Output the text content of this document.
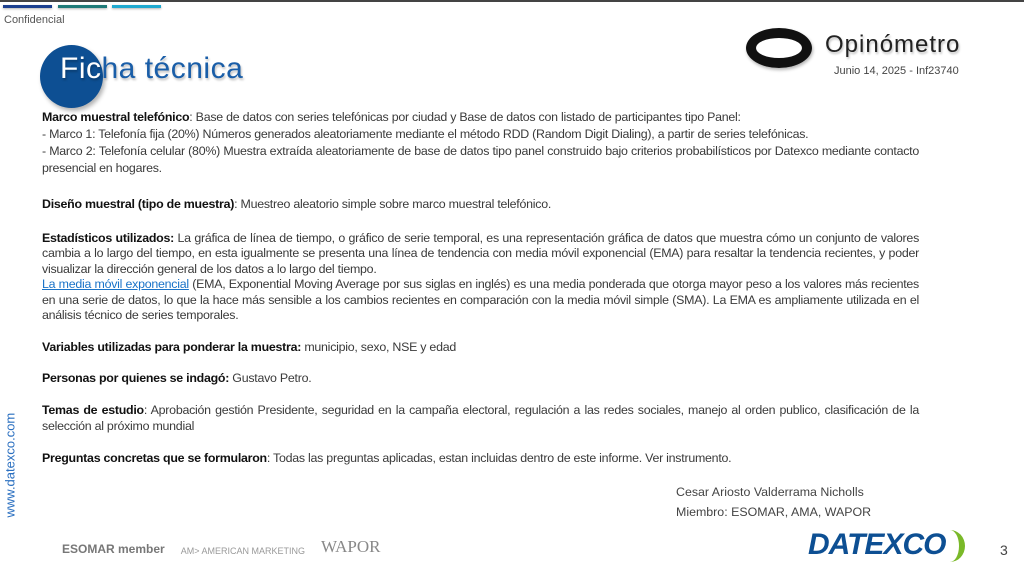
Confidencial
Ficha técnica
Opinómetro
Junio 14, 2025 - Inf23740
Marco muestral telefónico: Base de datos con series telefónicas por ciudad y Base de datos con listado de participantes tipo Panel:
- Marco 1: Telefonía fija (20%) Números generados aleatoriamente mediante el método RDD (Random Digit Dialing), a partir de series telefónicas.
- Marco 2: Telefonía celular (80%) Muestra extraída aleatoriamente de base de datos tipo panel construido bajo criterios probabilísticos por Datexco mediante contacto presencial en hogares.
Diseño muestral (tipo de muestra): Muestreo aleatorio simple sobre marco muestral telefónico.
Estadísticos utilizados: La gráfica de línea de tiempo, o gráfico de serie temporal, es una representación gráfica de datos que muestra cómo un conjunto de valores cambia a lo largo del tiempo, en esta igualmente se presenta una línea de tendencia con media móvil exponencial (EMA) para resaltar la tendencia recientes, y poder visualizar la dirección general de los datos a lo largo del tiempo.
La media móvil exponencial (EMA, Exponential Moving Average por sus siglas en inglés) es una media ponderada que otorga mayor peso a los valores más recientes en una serie de datos, lo que la hace más sensible a los cambios recientes en comparación con la media móvil simple (SMA). La EMA es ampliamente utilizada en el análisis técnico de series temporales.
Variables utilizadas para ponderar la muestra: municipio, sexo, NSE y edad
Personas por quienes se indagó: Gustavo Petro.
Temas de estudio: Aprobación gestión Presidente, seguridad en la campaña electoral, regulación a las redes sociales, manejo al orden publico, clasificación de la selección al próximo mundial
Preguntas concretas que se formularon: Todas las preguntas aplicadas, estan incluidas dentro de este informe. Ver instrumento.
Cesar Ariosto Valderrama Nicholls
Miembro: ESOMAR, AMA, WAPOR
www.datexco.com
ESOMAR member AM> AMERICAN MARKETING WAPOR	DATEXCO	3
